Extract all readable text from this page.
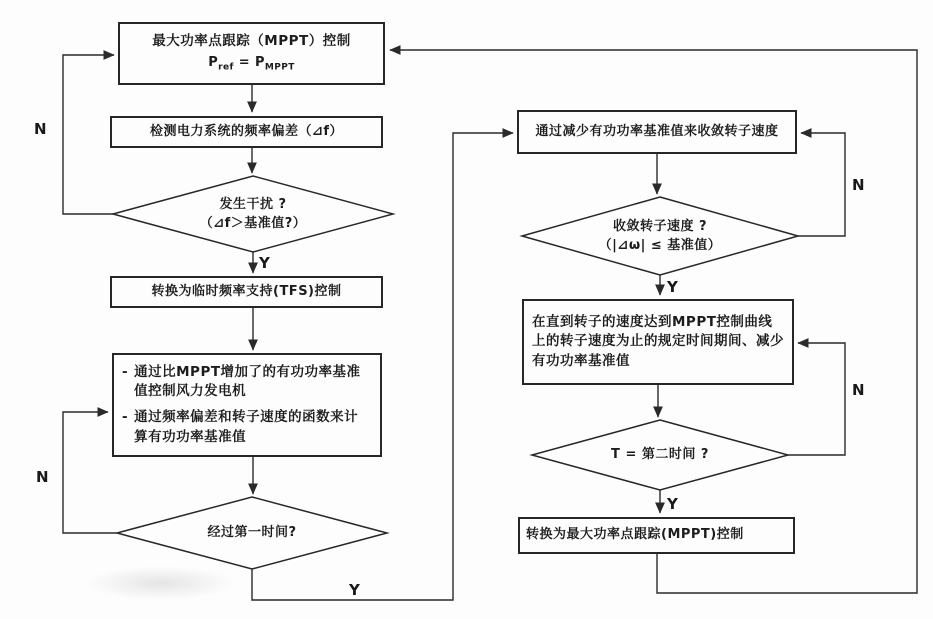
最大功率点跟踪（MPPT）控制
$P_{ref} = P_{MPPT}$
检测电力系统的频率偏差（⊿f）
转换为临时频率支持(TFS)控制
- 通过比MPPT增加了的有功功率基准值控制风力发电机
- 通过频率偏差和转子速度的函数来计算有功功率基准值
通过减少有功功率基准值来收敛转子速度
在直到转子的速度达到MPPT控制曲线上的转子速度为止的规定时间期间、减少有功功率基准值
转换为最大功率点跟踪(MPPT)控制
发生干扰 ?
（⊿f＞基准值?）
经过第一时间?
收敛转子速度 ?
（|⊿ω| ≤ 基准值）
T = 第二时间 ?
N
N
N
N
Y
Y
Y
Y
